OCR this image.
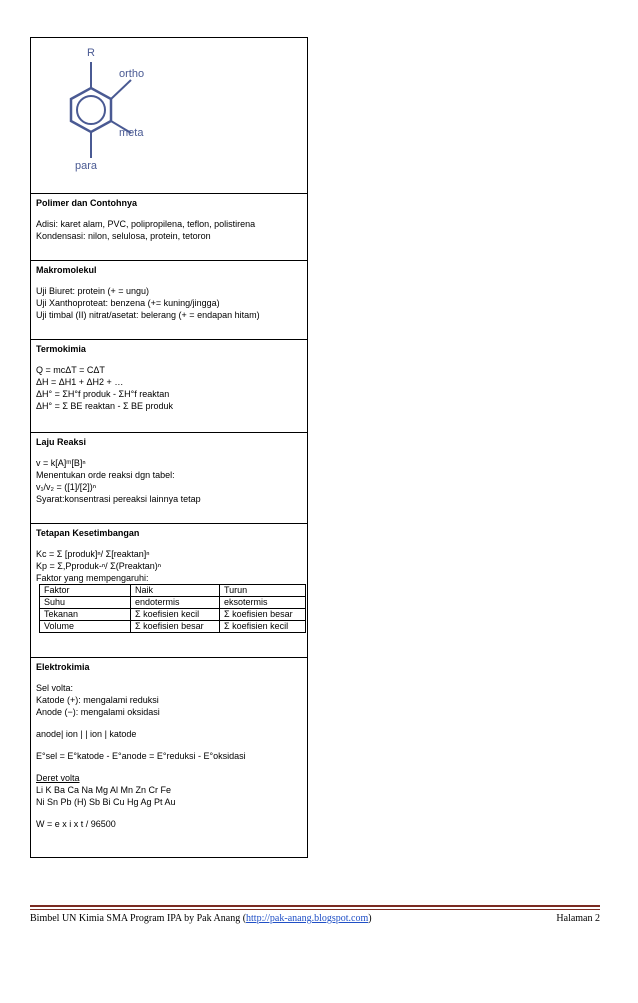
R
ortho
meta
para
Polimer dan Contohnya
Adisi: karet alam, PVC, polipropilena, teflon, polistirena
Kondensasi: nilon, selulosa, protein, tetoron
Makromolekul
Uji Biuret: protein (+ = ungu)
Uji Xanthoproteat: benzena (+= kuning/jingga)
Uji timbal (II) nitrat/asetat: belerang (+ = endapan hitam)
Termokimia
Q = mcΔT = CΔT
ΔH = ΔH1 + ΔH2 + …
ΔH° = ΣH°f produk - ΣH°f reaktan
ΔH° = Σ BE reaktan - Σ BE produk
Laju Reaksi
v = k[A]ᵐ[B]ⁿ
Menentukan orde reaksi dgn tabel:
v₁/v₂ = ([1]/[2])ⁿ
Syarat:konsentrasi pereaksi lainnya tetap
Tetapan Kesetimbangan
Kc = Σ [produk]ⁿ/ Σ[reaktan]ⁿ
Kp = Σ,Pproduk-ⁿ/ Σ(Preaktan)ⁿ
Faktor yang mempengaruhi:
Faktor	Naik	Turun
Suhu	endotermis	eksotermis
Tekanan	Σ koefisien kecil	Σ koefisien besar
Volume	Σ koefisien besar	Σ koefisien kecil
Elektrokimia
Sel volta:
Katode (+): mengalami reduksi
Anode (−): mengalami oksidasi
anode| ion | | ion | katode
E°sel = E°katode - E°anode = E°reduksi - E°oksidasi
Deret volta
Li K Ba Ca Na Mg Al Mn Zn Cr Fe
Ni Sn Pb (H) Sb Bi Cu Hg Ag Pt Au
W = e x i x t / 96500
Bimbel UN Kimia SMA Program IPA by Pak Anang (http://pak-anang.blogspot.com)	Halaman 2
